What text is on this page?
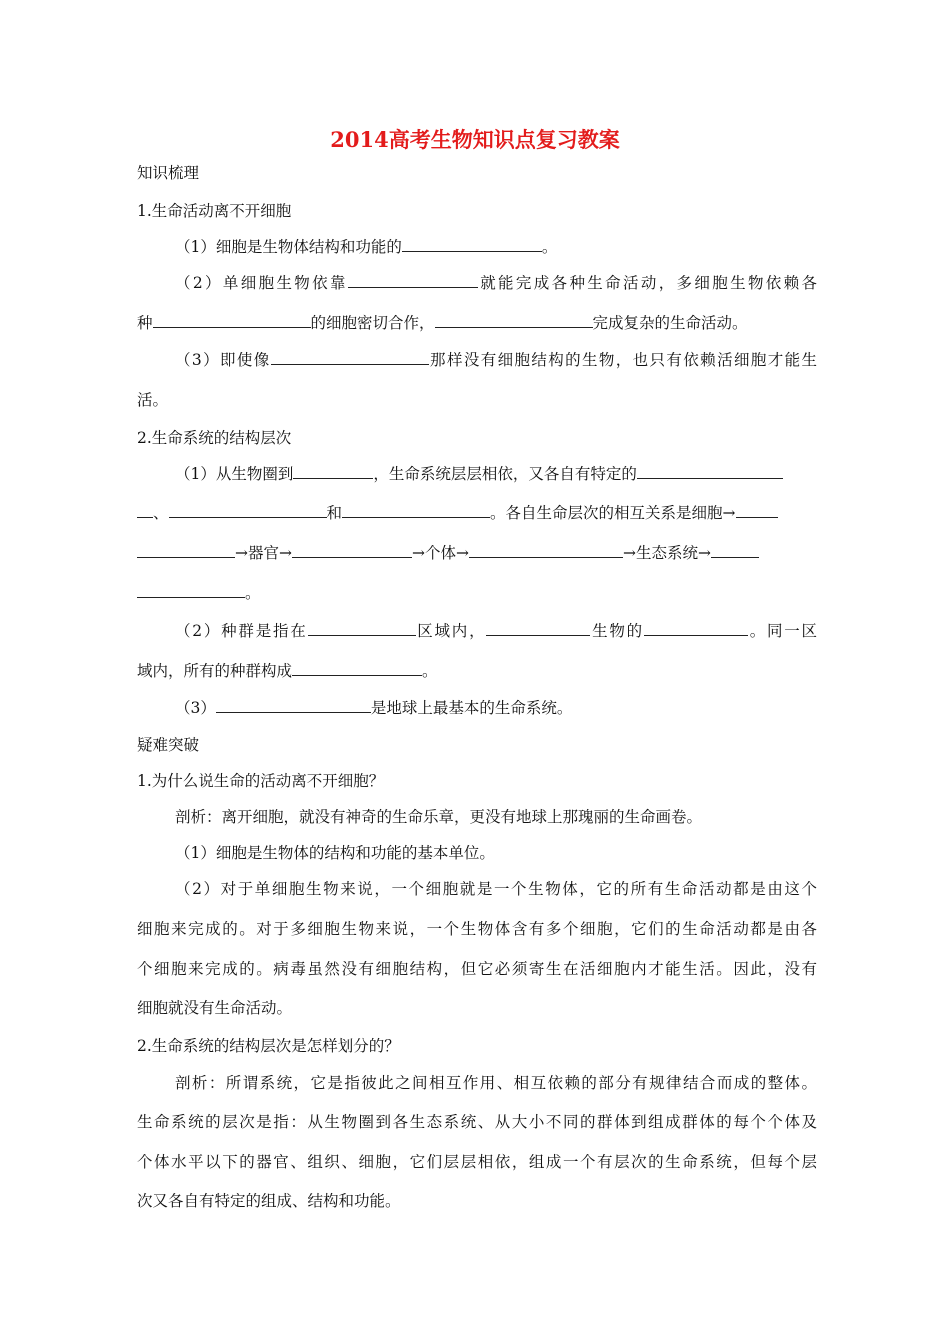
2014高考生物知识点复习教案
知识梳理
1.生命活动离不开细胞
（1）细胞是生物体结构和功能的	。
（2）单细胞生物依靠	就能完成各种生命活动，多细胞生物依赖各
种	的细胞密切合作，	完成复杂的生命活动。
（3）即使像	那样没有细胞结构的生物，也只有依赖活细胞才能生
活。
2.生命系统的结构层次
（1）从生物圈到	，生命系统层层相依，又各自有特定的
、	和	。各自生命层次的相互关系是细胞→
→器官→	→个体→	→生态系统→
。
（2）种群是指在	区域内，	生物的	。同一区
域内，所有的种群构成	。
（3）	是地球上最基本的生命系统。
疑难突破
1.为什么说生命的活动离不开细胞？
剖析：离开细胞，就没有神奇的生命乐章，更没有地球上那瑰丽的生命画卷。
（1）细胞是生物体的结构和功能的基本单位。
（2）对于单细胞生物来说，一个细胞就是一个生物体，它的所有生命活动都是由这个
细胞来完成的。对于多细胞生物来说，一个生物体含有多个细胞，它们的生命活动都是由各
个细胞来完成的。病毒虽然没有细胞结构，但它必须寄生在活细胞内才能生活。因此，没有
细胞就没有生命活动。
2.生命系统的结构层次是怎样划分的？
剖析：所谓系统，它是指彼此之间相互作用、相互依赖的部分有规律结合而成的整体。
生命系统的层次是指：从生物圈到各生态系统、从大小不同的群体到组成群体的每个个体及
个体水平以下的器官、组织、细胞，它们层层相依，组成一个有层次的生命系统，但每个层
次又各自有特定的组成、结构和功能。
